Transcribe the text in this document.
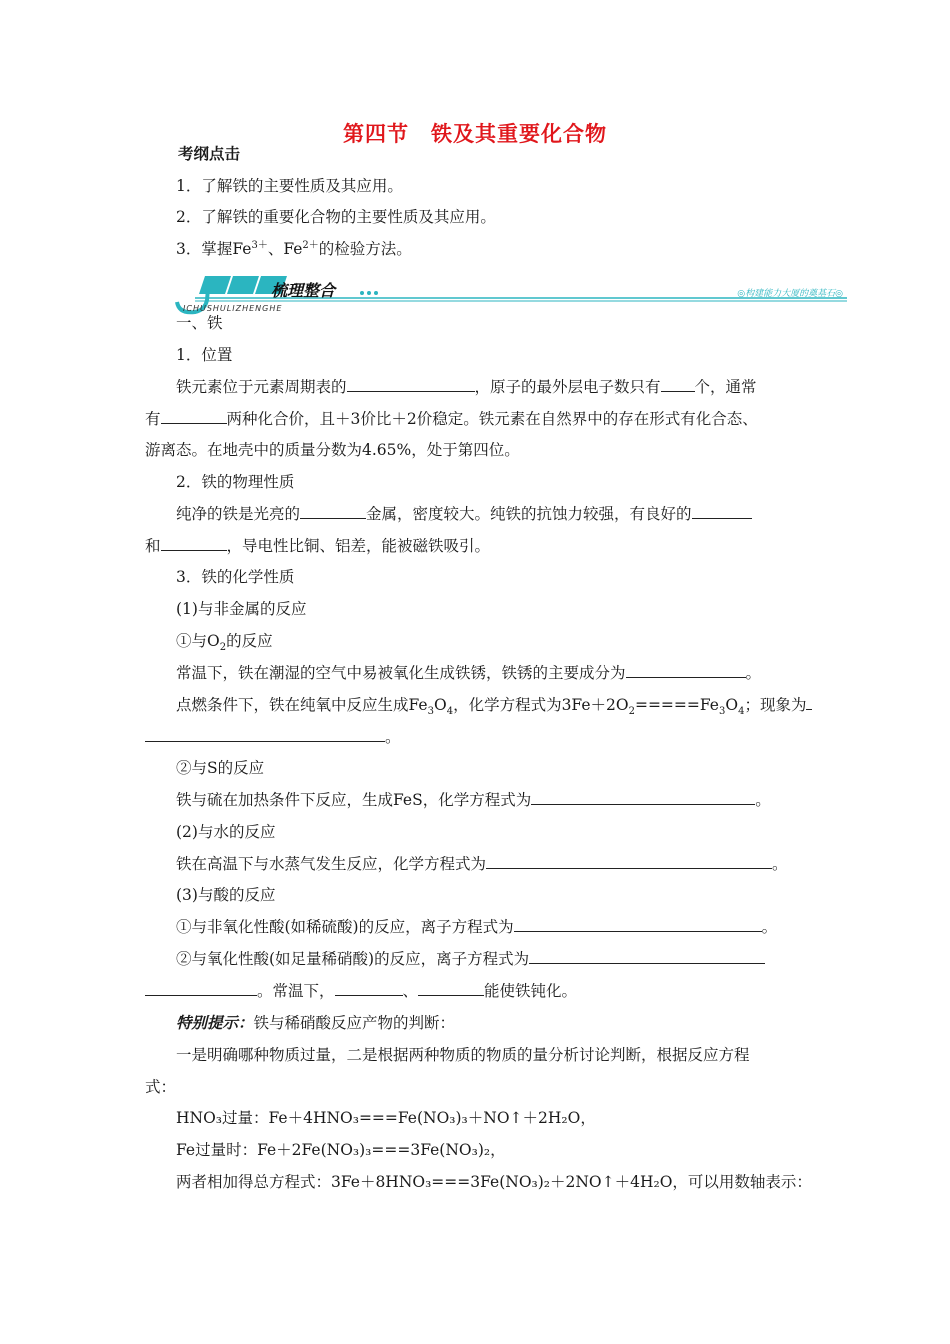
第四节　铁及其重要化合物
考纲点击
1．了解铁的主要性质及其应用。
2．了解铁的重要化合物的主要性质及其应用。
3．掌握$Fe^{3+}$、$Fe^{2+}$的检验方法。
梳理整合
ICHUSHULIZHENGHE
◎构建能力大厦的奠基石◎
一、铁
1．位置
铁元素位于元素周期表的	，原子的最外层电子数只有 个，通常
有	两种化合价，且＋3价比＋2价稳定。铁元素在自然界中的存在形式有化合态、
游离态。在地壳中的质量分数为4.65%，处于第四位。
2．铁的物理性质
纯净的铁是光亮的	金属，密度较大。纯铁的抗蚀力较强，有良好的
和	，导电性比铜、铝差，能被磁铁吸引。
3．铁的化学性质
(1)与非金属的反应
①与$O_2$的反应
常温下，铁在潮湿的空气中易被氧化生成铁锈，铁锈的主要成分为	。
点燃条件下，铁在纯氧中反应生成$Fe_3O_4$，化学方程式为$3Fe+2O_2=====Fe_3O_4$；现象为
。
②与S的反应
铁与硫在加热条件下反应，生成FeS，化学方程式为	。
(2)与水的反应
铁在高温下与水蒸气发生反应，化学方程式为	。
(3)与酸的反应
①与非氧化性酸(如稀硫酸)的反应，离子方程式为	。
②与氧化性酸(如足量稀硝酸)的反应，离子方程式为
。常温下，	、	能使铁钝化。
特别提示：铁与稀硝酸反应产物的判断：
一是明确哪种物质过量，二是根据两种物质的物质的量分析讨论判断，根据反应方程
式：
HNO₃过量：Fe＋4HNO₃===Fe(NO₃)₃＋NO↑＋2H₂O，
Fe过量时：Fe＋2Fe(NO₃)₃===3Fe(NO₃)₂，
两者相加得总方程式：3Fe＋8HNO₃===3Fe(NO₃)₂＋2NO↑＋4H₂O，可以用数轴表示：
